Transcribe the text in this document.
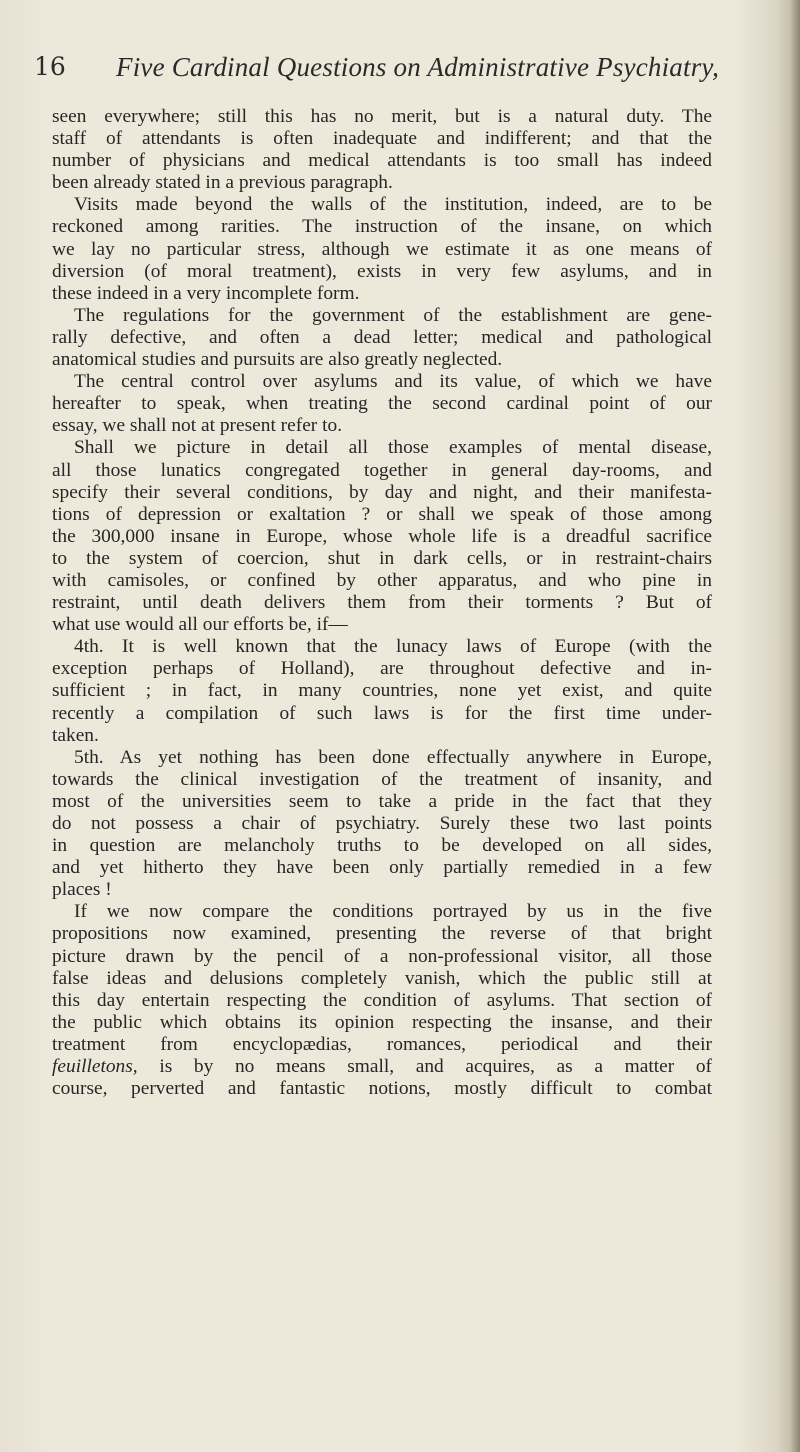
16 Five Cardinal Questions on Administrative Psychiatry,
seen everywhere; still this has no merit, but is a natural duty. The
staff of attendants is often inadequate and indifferent; and that the
number of physicians and medical attendants is too small has indeed
been already stated in a previous paragraph.
Visits made beyond the walls of the institution, indeed, are to be
reckoned among rarities. The instruction of the insane, on which
we lay no particular stress, although we estimate it as one means of
diversion (of moral treatment), exists in very few asylums, and in
these indeed in a very incomplete form.
The regulations for the government of the establishment are gene-
rally defective, and often a dead letter; medical and pathological
anatomical studies and pursuits are also greatly neglected.
The central control over asylums and its value, of which we have
hereafter to speak, when treating the second cardinal point of our
essay, we shall not at present refer to.
Shall we picture in detail all those examples of mental disease,
all those lunatics congregated together in general day-rooms, and
specify their several conditions, by day and night, and their manifesta-
tions of depression or exaltation ? or shall we speak of those among
the 300,000 insane in Europe, whose whole life is a dreadful sacrifice
to the system of coercion, shut in dark cells, or in restraint-chairs
with camisoles, or confined by other apparatus, and who pine in
restraint, until death delivers them from their torments ? But of
what use would all our efforts be, if—
4th. It is well known that the lunacy laws of Europe (with the
exception perhaps of Holland), are throughout defective and in-
sufficient ; in fact, in many countries, none yet exist, and quite
recently a compilation of such laws is for the first time under-
taken.
5th. As yet nothing has been done effectually anywhere in Europe,
towards the clinical investigation of the treatment of insanity, and
most of the universities seem to take a pride in the fact that they
do not possess a chair of psychiatry. Surely these two last points
in question are melancholy truths to be developed on all sides,
and yet hitherto they have been only partially remedied in a few
places !
If we now compare the conditions portrayed by us in the five
propositions now examined, presenting the reverse of that bright
picture drawn by the pencil of a non-professional visitor, all those
false ideas and delusions completely vanish, which the public still at
this day entertain respecting the condition of asylums. That section of
the public which obtains its opinion respecting the insanse, and their
treatment from encyclopædias, romances, periodical and their
feuilletons, is by no means small, and acquires, as a matter of
course, perverted and fantastic notions, mostly difficult to combat
